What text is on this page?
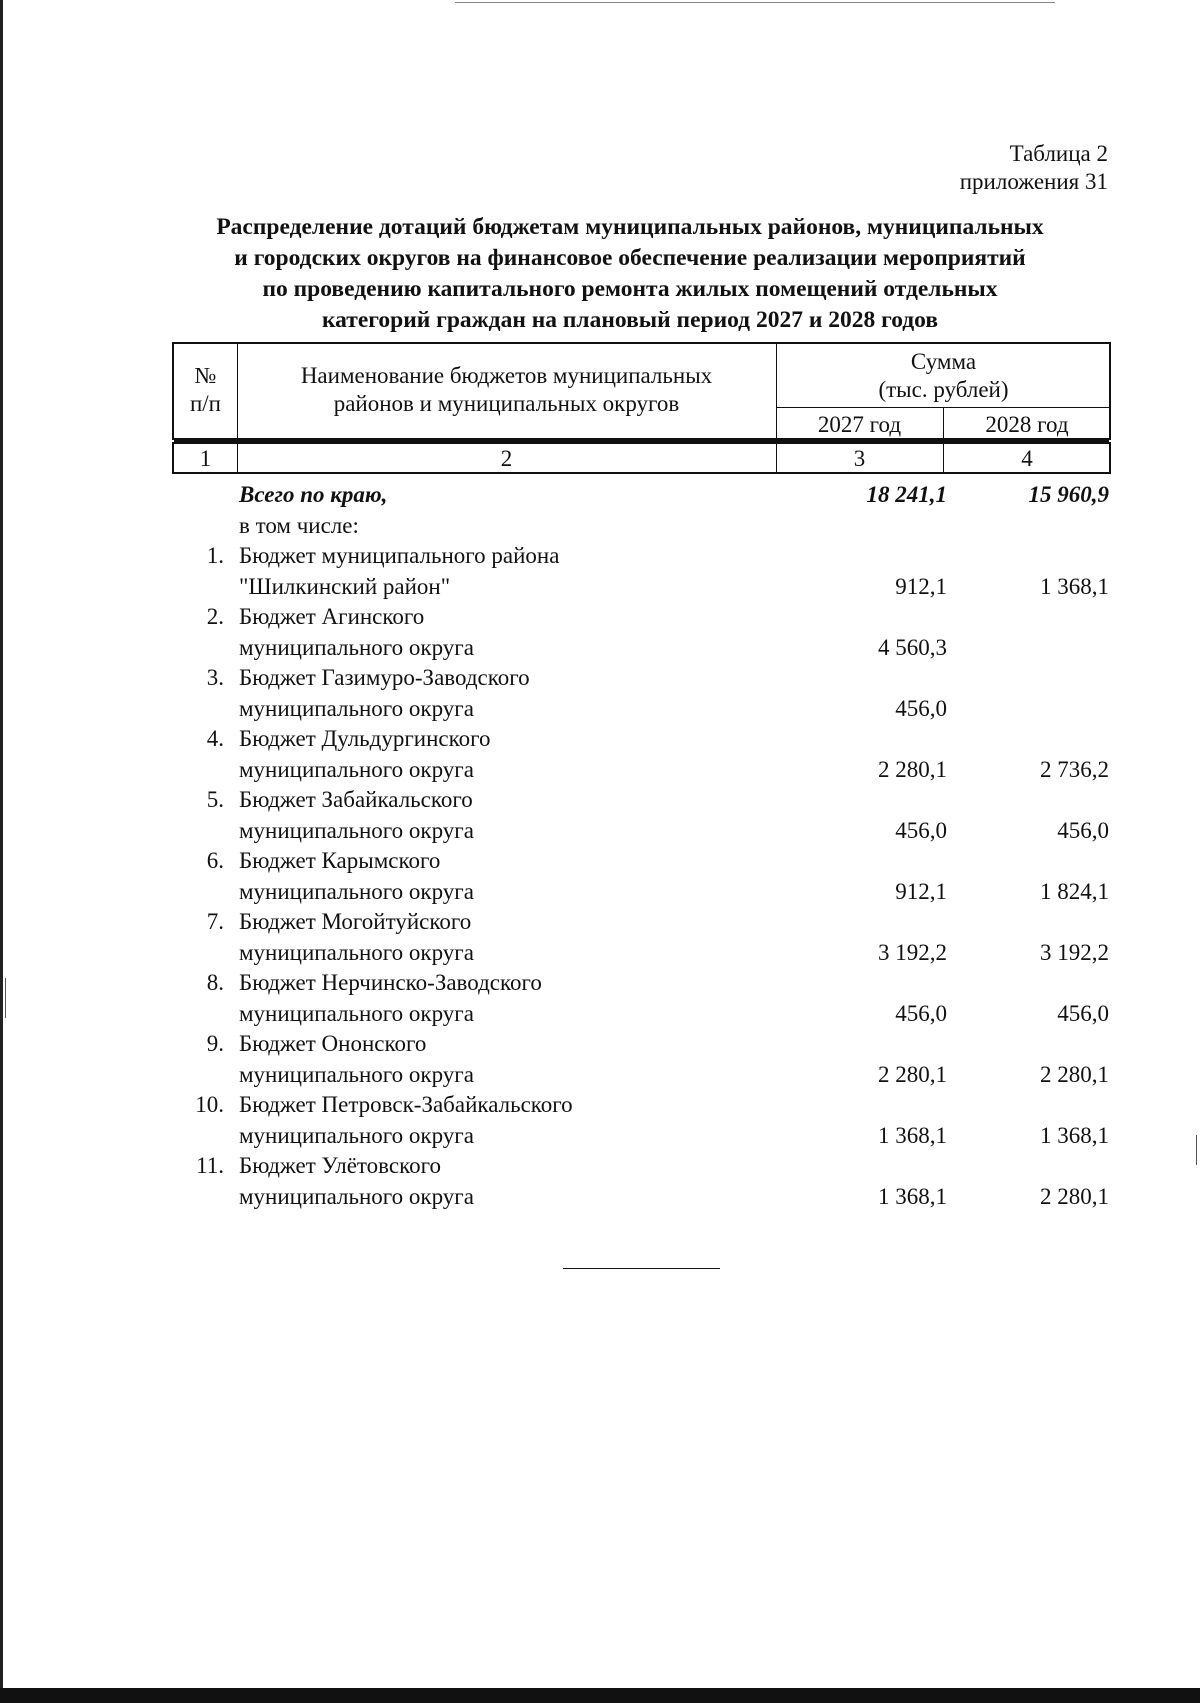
Таблица 2
приложения 31
Распределение дотаций бюджетам муниципальных районов, муниципальных
и городских округов на финансовое обеспечение реализации мероприятий
по проведению капитального ремонта жилых помещений отдельных
категорий граждан на плановый период 2027 и 2028 годов
№
п/п
Наименование бюджетов муниципальных
районов и муниципальных округов
Сумма
(тыс. рублей)
2027 год	2028 год
1	2	3	4
Всего по краю,	18 241,1	15 960,9
в том числе:
1. Бюджет муниципального района
"Шилкинский район"	912,1	1 368,1
2. Бюджет Агинского
муниципального округа	4 560,3
3. Бюджет Газимуро-Заводского
муниципального округа	456,0
4. Бюджет Дульдургинского
муниципального округа	2 280,1	2 736,2
5. Бюджет Забайкальского
муниципального округа	456,0	456,0
6. Бюджет Карымского
муниципального округа	912,1	1 824,1
7. Бюджет Могойтуйского
муниципального округа	3 192,2	3 192,2
8. Бюджет Нерчинско-Заводского
муниципального округа	456,0	456,0
9. Бюджет Ононского
муниципального округа	2 280,1	2 280,1
10. Бюджет Петровск-Забайкальского
муниципального округа	1 368,1	1 368,1
11. Бюджет Улётовского
муниципального округа	1 368,1	2 280,1
